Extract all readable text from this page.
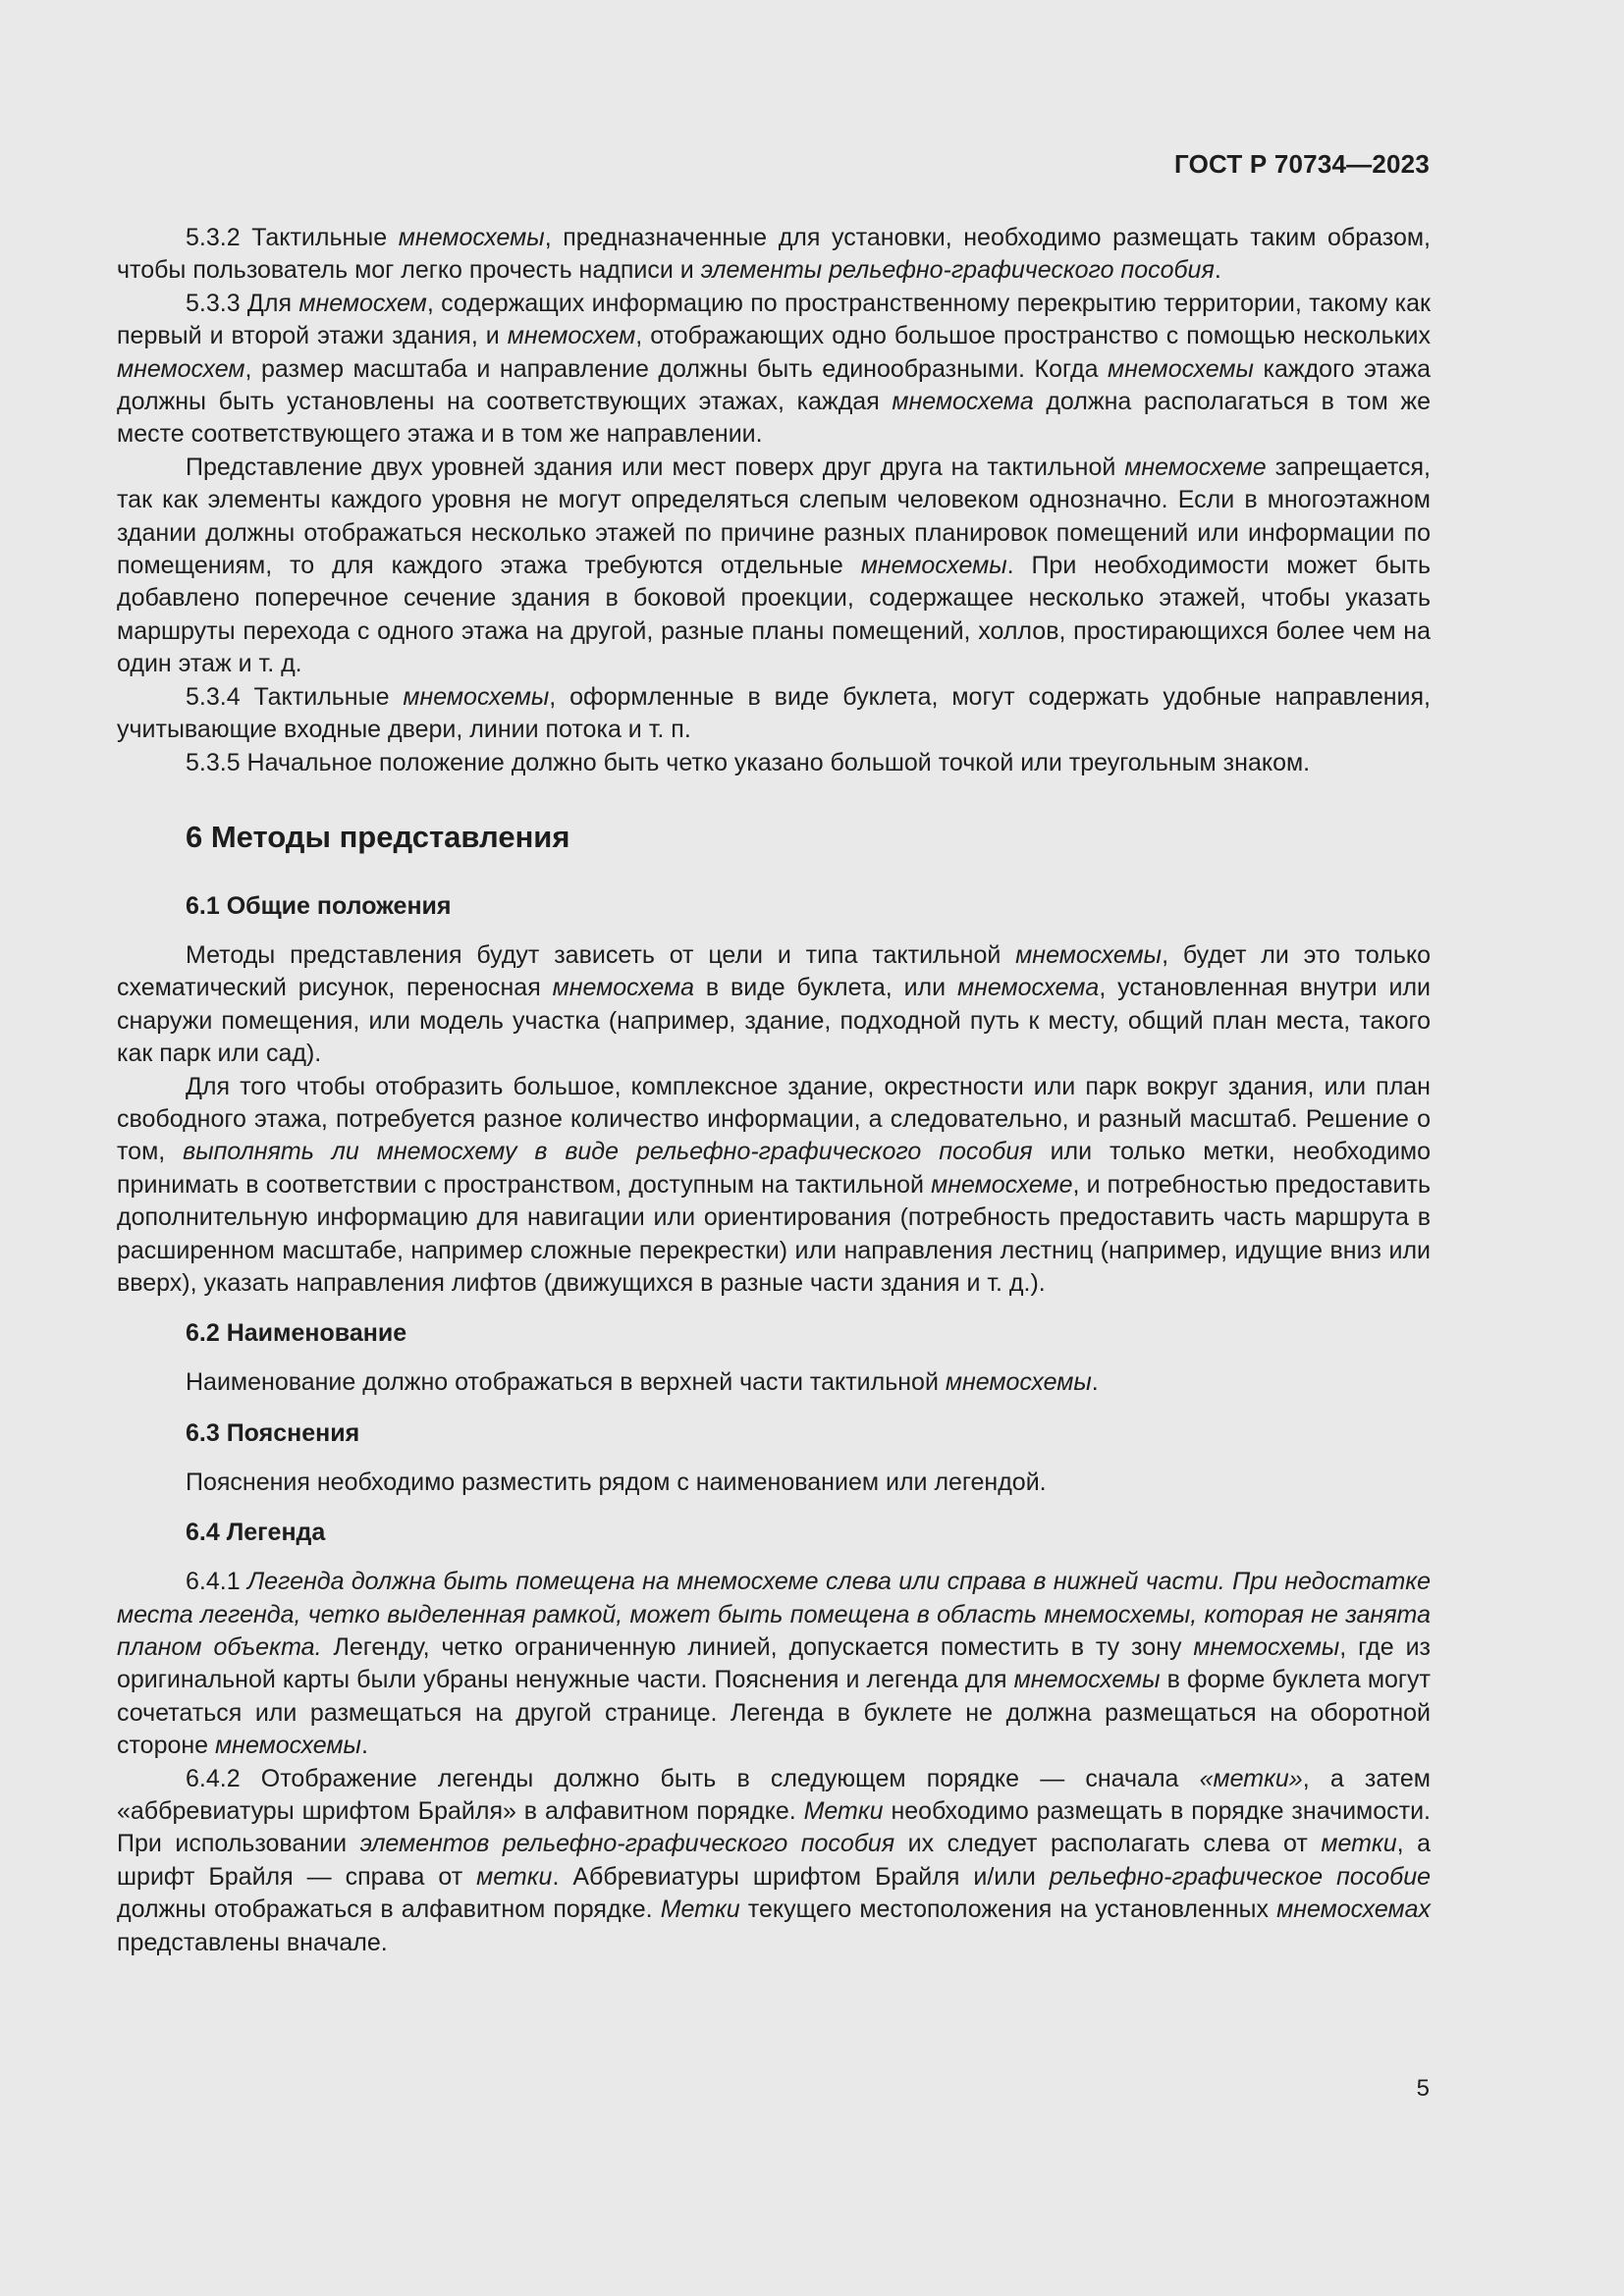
ГОСТ Р 70734—2023

5.3.2 Тактильные мнемосхемы, предназначенные для установки, необходимо размещать таким образом, чтобы пользователь мог легко прочесть надписи и элементы рельефно-графического пособия.

5.3.3 Для мнемосхем, содержащих информацию по пространственному перекрытию территории, такому как первый и второй этажи здания, и мнемосхем, отображающих одно большое пространство с помощью нескольких мнемосхем, размер масштаба и направление должны быть единообразными. Когда мнемосхемы каждого этажа должны быть установлены на соответствующих этажах, каждая мнемосхема должна располагаться в том же месте соответствующего этажа и в том же направлении.

Представление двух уровней здания или мест поверх друг друга на тактильной мнемосхеме запрещается, так как элементы каждого уровня не могут определяться слепым человеком однозначно. Если в многоэтажном здании должны отображаться несколько этажей по причине разных планировок помещений или информации по помещениям, то для каждого этажа требуются отдельные мнемосхемы. При необходимости может быть добавлено поперечное сечение здания в боковой проекции, содержащее несколько этажей, чтобы указать маршруты перехода с одного этажа на другой, разные планы помещений, холлов, простирающихся более чем на один этаж и т. д.

5.3.4 Тактильные мнемосхемы, оформленные в виде буклета, могут содержать удобные направления, учитывающие входные двери, линии потока и т. п.

5.3.5 Начальное положение должно быть четко указано большой точкой или треугольным знаком.

6 Методы представления
6.1 Общие положения

Методы представления будут зависеть от цели и типа тактильной мнемосхемы, будет ли это только схематический рисунок, переносная мнемосхема в виде буклета, или мнемосхема, установленная внутри или снаружи помещения, или модель участка (например, здание, подходной путь к месту, общий план места, такого как парк или сад).

Для того чтобы отобразить большое, комплексное здание, окрестности или парк вокруг здания, или план свободного этажа, потребуется разное количество информации, а следовательно, и разный масштаб. Решение о том, выполнять ли мнемосхему в виде рельефно-графического пособия или только метки, необходимо принимать в соответствии с пространством, доступным на тактильной мнемосхеме, и потребностью предоставить дополнительную информацию для навигации или ориентирования (потребность предоставить часть маршрута в расширенном масштабе, например сложные перекрестки) или направления лестниц (например, идущие вниз или вверх), указать направления лифтов (движущихся в разные части здания и т. д.).

6.2 Наименование

Наименование должно отображаться в верхней части тактильной мнемосхемы.

6.3 Пояснения

Пояснения необходимо разместить рядом с наименованием или легендой.

6.4 Легенда

6.4.1 Легенда должна быть помещена на мнемосхеме слева или справа в нижней части. При недостатке места легенда, четко выделенная рамкой, может быть помещена в область мнемосхемы, которая не занята планом объекта. Легенду, четко ограниченную линией, допускается поместить в ту зону мнемосхемы, где из оригинальной карты были убраны ненужные части. Пояснения и легенда для мнемосхемы в форме буклета могут сочетаться или размещаться на другой странице. Легенда в буклете не должна размещаться на оборотной стороне мнемосхемы.

6.4.2 Отображение легенды должно быть в следующем порядке — сначала «метки», а затем «аббревиатуры шрифтом Брайля» в алфавитном порядке. Метки необходимо размещать в порядке значимости. При использовании элементов рельефно-графического пособия их следует располагать слева от метки, а шрифт Брайля — справа от метки. Аббревиатуры шрифтом Брайля и/или рельефно-графическое пособие должны отображаться в алфавитном порядке. Метки текущего местоположения на установленных мнемосхемах представлены вначале.

5
